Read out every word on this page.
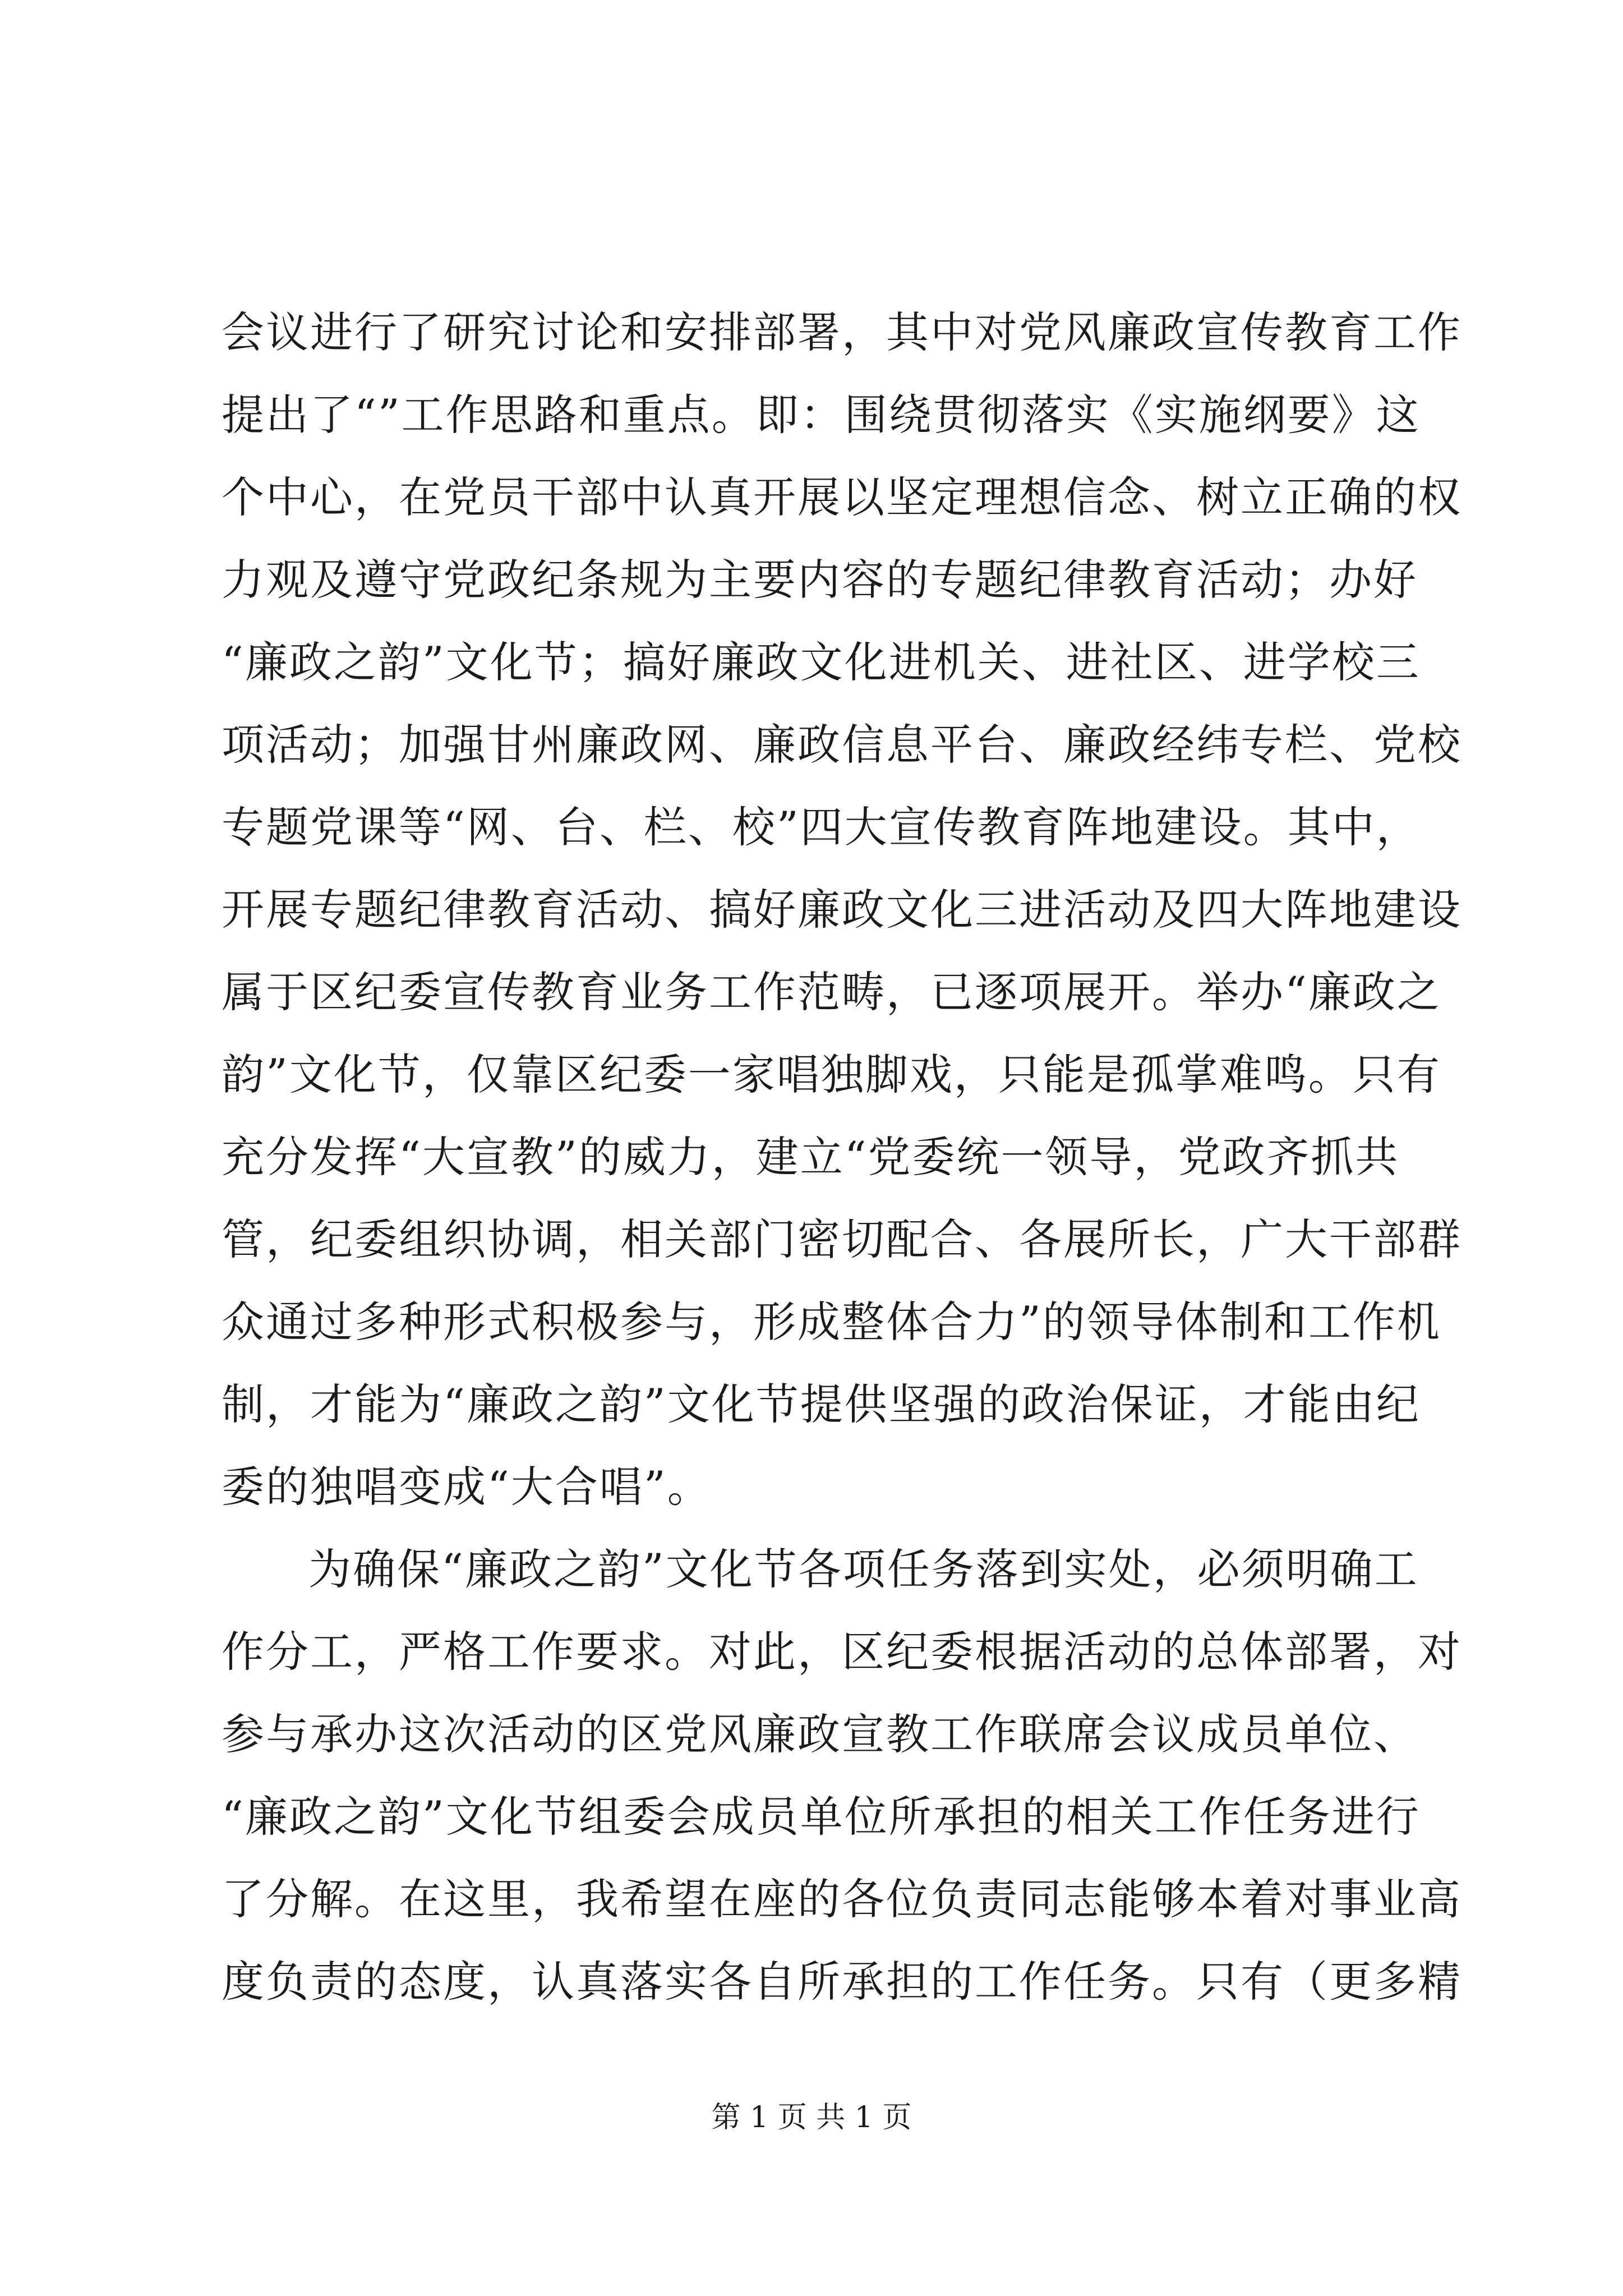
会议进行了研究讨论和安排部署，其中对党风廉政宣传教育工作
提出了“”工作思路和重点。即：围绕贯彻落实《实施纲要》这
个中心，在党员干部中认真开展以坚定理想信念、树立正确的权
力观及遵守党政纪条规为主要内容的专题纪律教育活动；办好
“廉政之韵”文化节；搞好廉政文化进机关、进社区、进学校三
项活动；加强甘州廉政网、廉政信息平台、廉政经纬专栏、党校
专题党课等“网、台、栏、校”四大宣传教育阵地建设。其中，
开展专题纪律教育活动、搞好廉政文化三进活动及四大阵地建设
属于区纪委宣传教育业务工作范畴，已逐项展开。举办“廉政之
韵”文化节，仅靠区纪委一家唱独脚戏，只能是孤掌难鸣。只有
充分发挥“大宣教”的威力，建立“党委统一领导，党政齐抓共
管，纪委组织协调，相关部门密切配合、各展所长，广大干部群
众通过多种形式积极参与，形成整体合力”的领导体制和工作机
制，才能为“廉政之韵”文化节提供坚强的政治保证，才能由纪
委的独唱变成“大合唱”。
为确保“廉政之韵”文化节各项任务落到实处，必须明确工
作分工，严格工作要求。对此，区纪委根据活动的总体部署，对
参与承办这次活动的区党风廉政宣教工作联席会议成员单位、
“廉政之韵”文化节组委会成员单位所承担的相关工作任务进行
了分解。在这里，我希望在座的各位负责同志能够本着对事业高
度负责的态度，认真落实各自所承担的工作任务。只有（更多精
第 1 页 共 1 页
